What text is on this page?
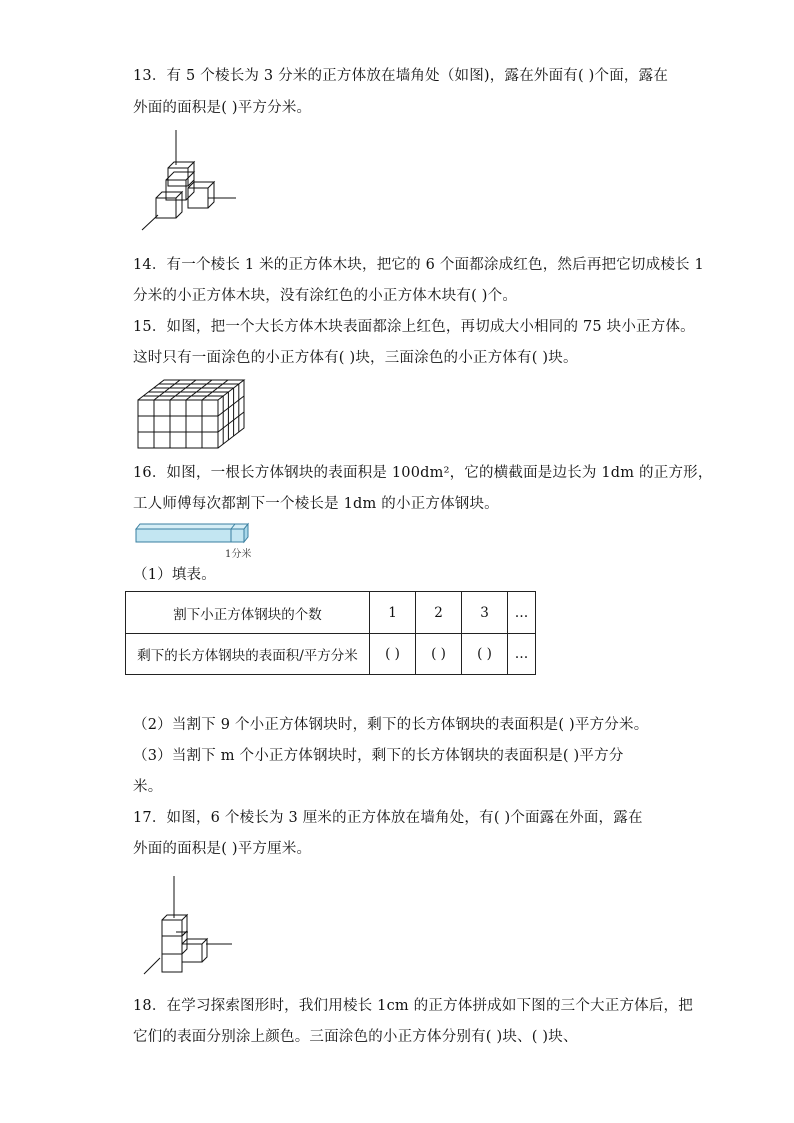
13．有 5 个棱长为 3 分米的正方体放在墙角处（如图)，露在外面有( )个面，露在
外面的面积是( )平方分米。
14．有一个棱长 1 米的正方体木块，把它的 6 个面都涂成红色，然后再把它切成棱长 1
分米的小正方体木块，没有涂红色的小正方体木块有( )个。
15．如图，把一个大长方体木块表面都涂上红色，再切成大小相同的 75 块小正方体。
这时只有一面涂色的小正方体有( )块，三面涂色的小正方体有( )块。
16．如图，一根长方体钢块的表面积是 100dm²，它的横截面是边长为 1dm 的正方形，
工人师傅每次都割下一个棱长是 1dm 的小正方体钢块。
1分米
（1）填表。
割下小正方体钢块的个数	1	2	3	…
剩下的长方体钢块的表面积/平方分米	( )	( )	( )	…
（2）当割下 9 个小正方体钢块时，剩下的长方体钢块的表面积是( )平方分米。
（3）当割下 m 个小正方体钢块时，剩下的长方体钢块的表面积是( )平方分
米。
17．如图，6 个棱长为 3 厘米的正方体放在墙角处，有( )个面露在外面，露在
外面的面积是( )平方厘米。
18．在学习探索图形时，我们用棱长 1cm 的正方体拼成如下图的三个大正方体后，把
它们的表面分别涂上颜色。三面涂色的小正方体分别有( )块、( )块、
